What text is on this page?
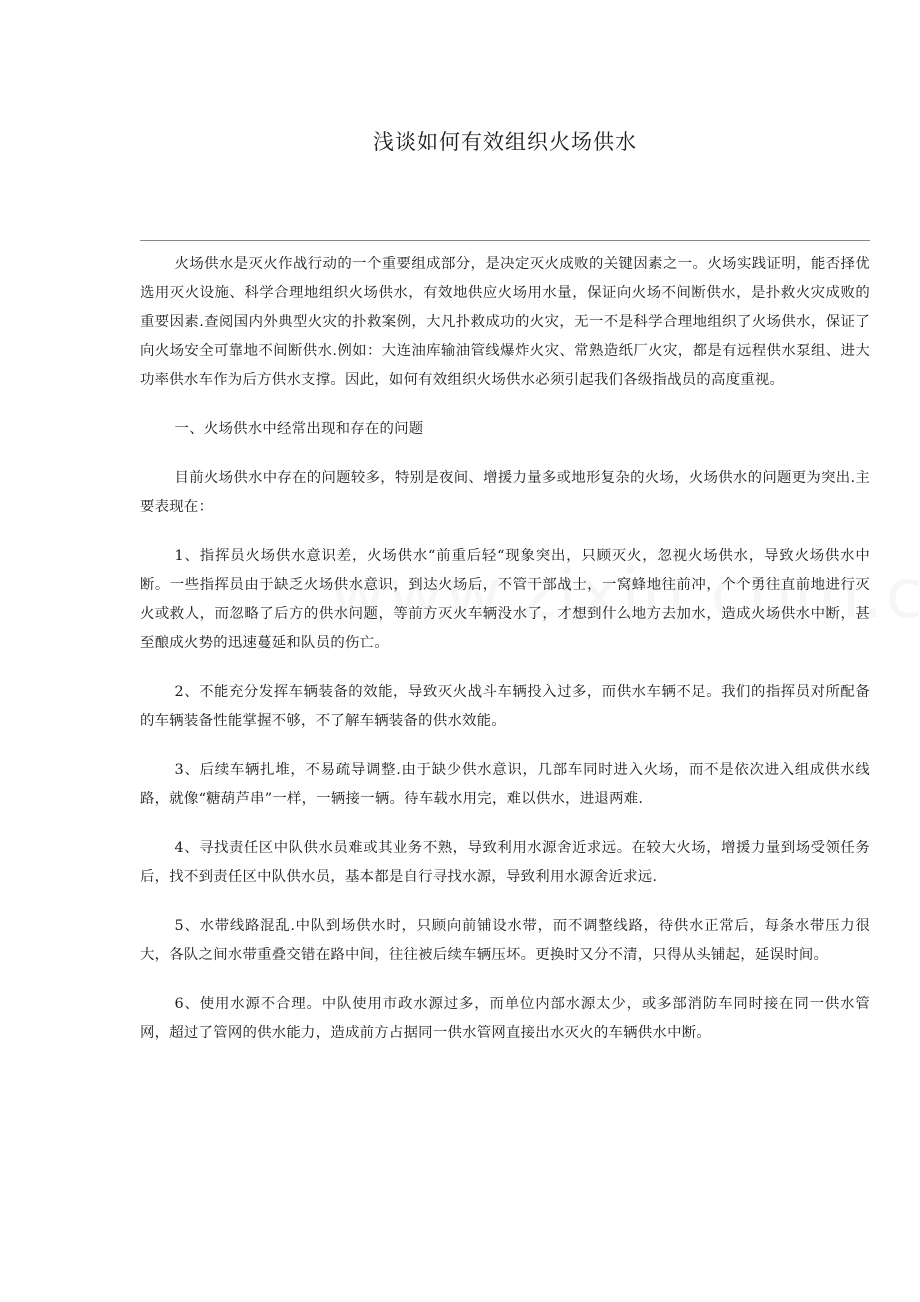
浅谈如何有效组织火场供水

火场供水是灭火作战行动的一个重要组成部分，是决定灭火成败的关键因素之一。火场实践证明，能否择优选用灭火设施、科学合理地组织火场供水，有效地供应火场用水量，保证向火场不间断供水，是扑救火灾成败的重要因素.查阅国内外典型火灾的扑救案例，大凡扑救成功的火灾，无一不是科学合理地组织了火场供水，保证了向火场安全可靠地不间断供水.例如：大连油库输油管线爆炸火灾、常熟造纸厂火灾，都是有远程供水泵组、进大功率供水车作为后方供水支撑。因此，如何有效组织火场供水必须引起我们各级指战员的高度重视。

一、火场供水中经常出现和存在的问题

目前火场供水中存在的问题较多，特别是夜间、增援力量多或地形复杂的火场，火场供水的问题更为突出.主要表现在：

1、指挥员火场供水意识差，火场供水“前重后轻“现象突出，只顾灭火，忽视火场供水，导致火场供水中断。一些指挥员由于缺乏火场供水意识，到达火场后，不管干部战士，一窝蜂地往前冲，个个勇往直前地进行灭火或救人，而忽略了后方的供水问题，等前方灭火车辆没水了，才想到什么地方去加水，造成火场供水中断，甚至酿成火势的迅速蔓延和队员的伤亡。

2、不能充分发挥车辆装备的效能，导致灭火战斗车辆投入过多，而供水车辆不足。我们的指挥员对所配备的车辆装备性能掌握不够，不了解车辆装备的供水效能。

3、后续车辆扎堆，不易疏导调整.由于缺少供水意识，几部车同时进入火场，而不是依次进入组成供水线路，就像“糖葫芦串”一样，一辆接一辆。待车载水用完，难以供水，进退两难.

4、寻找责任区中队供水员难或其业务不熟，导致利用水源舍近求远。在较大火场，增援力量到场受领任务后，找不到责任区中队供水员，基本都是自行寻找水源，导致利用水源舍近求远.

5、水带线路混乱.中队到场供水时，只顾向前铺设水带，而不调整线路，待供水正常后，每条水带压力很大，各队之间水带重叠交错在路中间，往往被后续车辆压坏。更换时又分不清，只得从头铺起，延误时间。

6、使用水源不合理。中队使用市政水源过多，而单位内部水源太少，或多部消防车同时接在同一供水管网，超过了管网的供水能力，造成前方占据同一供水管网直接出水灭火的车辆供水中断。
